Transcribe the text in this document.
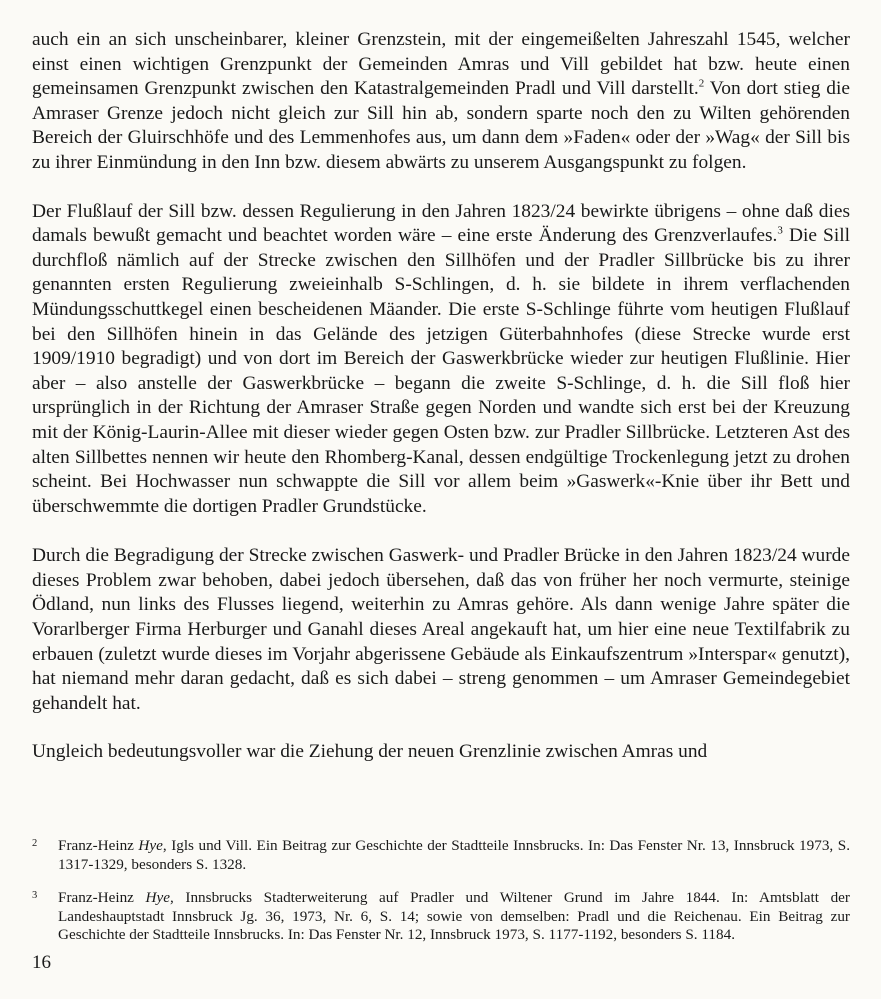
auch ein an sich unscheinbarer, kleiner Grenzstein, mit der eingemeißelten Jahreszahl 1545, welcher einst einen wichtigen Grenzpunkt der Gemeinden Amras und Vill gebildet hat bzw. heute einen gemeinsamen Grenzpunkt zwischen den Katastralgemeinden Pradl und Vill darstellt.$^2$ Von dort stieg die Amraser Grenze jedoch nicht gleich zur Sill hin ab, sondern sparte noch den zu Wilten gehörenden Bereich der Gluirschhöfe und des Lemmenhofes aus, um dann dem »Faden« oder der »Wag« der Sill bis zu ihrer Einmündung in den Inn bzw. diesem abwärts zu unserem Ausgangspunkt zu folgen.

Der Flußlauf der Sill bzw. dessen Regulierung in den Jahren 1823/24 bewirkte übrigens – ohne daß dies damals bewußt gemacht und beachtet worden wäre – eine erste Änderung des Grenzverlaufes.$^3$ Die Sill durchfloß nämlich auf der Strecke zwischen den Sillhöfen und der Pradler Sillbrücke bis zu ihrer genannten ersten Regulierung zweieinhalb S-Schlingen, d. h. sie bildete in ihrem verflachenden Mündungsschuttkegel einen bescheidenen Mäander. Die erste S-Schlinge führte vom heutigen Flußlauf bei den Sillhöfen hinein in das Gelände des jetzigen Güterbahnhofes (diese Strecke wurde erst 1909/1910 begradigt) und von dort im Bereich der Gaswerkbrücke wieder zur heutigen Flußlinie. Hier aber – also anstelle der Gaswerkbrücke – begann die zweite S-Schlinge, d. h. die Sill floß hier ursprünglich in der Richtung der Amraser Straße gegen Norden und wandte sich erst bei der Kreuzung mit der König-Laurin-Allee mit dieser wieder gegen Osten bzw. zur Pradler Sillbrücke. Letzteren Ast des alten Sillbettes nennen wir heute den Rhomberg-Kanal, dessen endgültige Trockenlegung jetzt zu drohen scheint. Bei Hochwasser nun schwappte die Sill vor allem beim »Gaswerk«-Knie über ihr Bett und überschwemmte die dortigen Pradler Grundstücke.

Durch die Begradigung der Strecke zwischen Gaswerk- und Pradler Brücke in den Jahren 1823/24 wurde dieses Problem zwar behoben, dabei jedoch übersehen, daß das von früher her noch vermurte, steinige Ödland, nun links des Flusses liegend, weiterhin zu Amras gehöre. Als dann wenige Jahre später die Vorarlberger Firma Herburger und Ganahl dieses Areal angekauft hat, um hier eine neue Textilfabrik zu erbauen (zuletzt wurde dieses im Vorjahr abgerissene Gebäude als Einkaufszentrum »Interspar« genutzt), hat niemand mehr daran gedacht, daß es sich dabei – streng genommen – um Amraser Gemeindegebiet gehandelt hat.

Ungleich bedeutungsvoller war die Ziehung der neuen Grenzlinie zwischen Amras und

2 Franz-Heinz Hye, Igls und Vill. Ein Beitrag zur Geschichte der Stadtteile Innsbrucks. In: Das Fenster Nr. 13, Innsbruck 1973, S. 1317-1329, besonders S. 1328.

3 Franz-Heinz Hye, Innsbrucks Stadterweiterung auf Pradler und Wiltener Grund im Jahre 1844. In: Amtsblatt der Landeshauptstadt Innsbruck Jg. 36, 1973, Nr. 6, S. 14; sowie von demselben: Pradl und die Reichenau. Ein Beitrag zur Geschichte der Stadtteile Innsbrucks. In: Das Fenster Nr. 12, Innsbruck 1973, S. 1177-1192, besonders S. 1184.

16
